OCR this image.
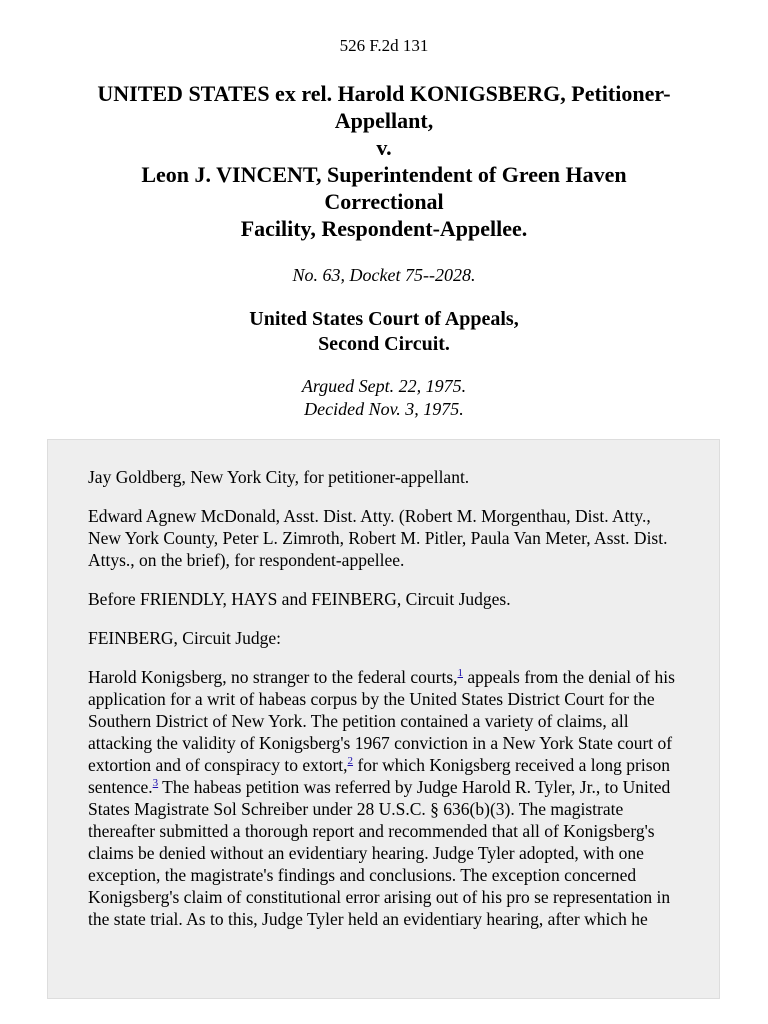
526 F.2d 131
UNITED STATES ex rel. Harold KONIGSBERG, Petitioner-
Appellant,
v.
Leon J. VINCENT, Superintendent of Green Haven
Correctional
Facility, Respondent-Appellee.
No. 63, Docket 75--2028.
United States Court of Appeals,
Second Circuit.
Argued Sept. 22, 1975.
Decided Nov. 3, 1975.

Jay Goldberg, New York City, for petitioner-appellant.

Edward Agnew McDonald, Asst. Dist. Atty. (Robert M. Morgenthau, Dist. Atty., New York County, Peter L. Zimroth, Robert M. Pitler, Paula Van Meter, Asst. Dist. Attys., on the brief), for respondent-appellee.

Before FRIENDLY, HAYS and FEINBERG, Circuit Judges.

FEINBERG, Circuit Judge:

Harold Konigsberg, no stranger to the federal courts,$^1$ appeals from the denial of his application for a writ of habeas corpus by the United States District Court for the Southern District of New York. The petition contained a variety of claims, all attacking the validity of Konigsberg's 1967 conviction in a New York State court of extortion and of conspiracy to extort,$^2$ for which Konigsberg received a long prison sentence.$^3$ The habeas petition was referred by Judge Harold R. Tyler, Jr., to United States Magistrate Sol Schreiber under 28 U.S.C. § 636(b)(3). The magistrate thereafter submitted a thorough report and recommended that all of Konigsberg's claims be denied without an evidentiary hearing. Judge Tyler adopted, with one exception, the magistrate's findings and conclusions. The exception concerned Konigsberg's claim of constitutional error arising out of his pro se representation in the state trial. As to this, Judge Tyler held an evidentiary hearing, after which he
